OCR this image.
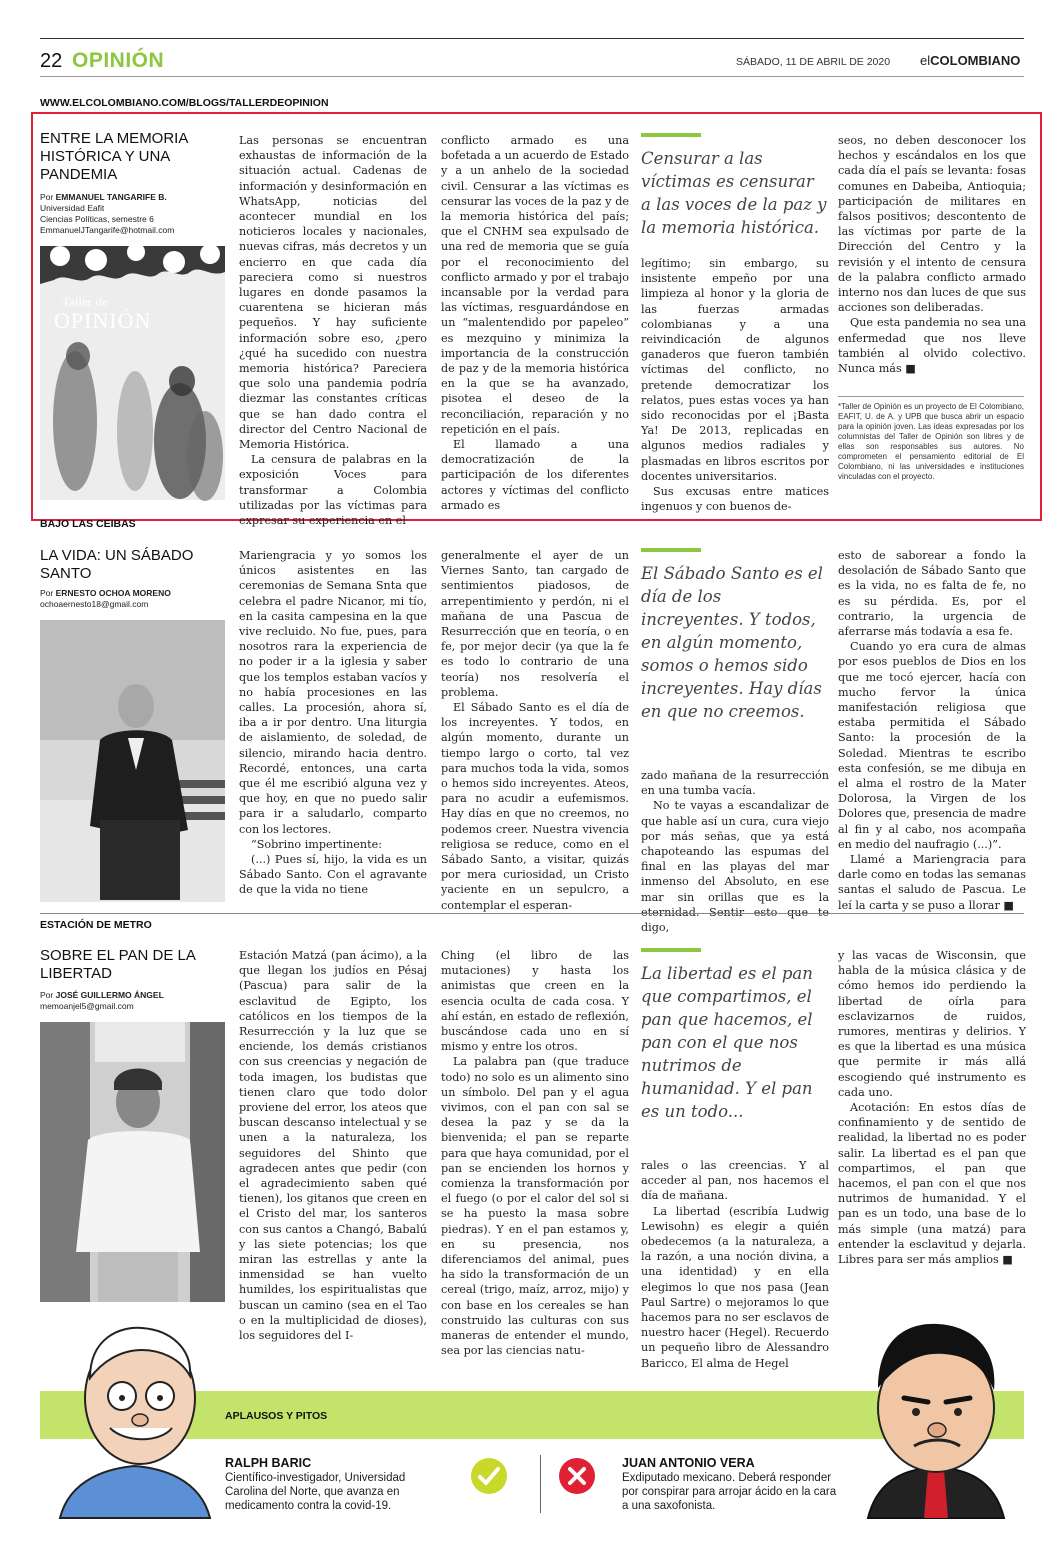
22 OPINIÓN	SÁBADO, 11 DE ABRIL DE 2020 elCOLOMBIANO
WWW.ELCOLOMBIANO.COM/BLOGS/TALLERDEOPINION
ENTRE LA MEMORIA HISTÓRICA Y UNA PANDEMIA
Por EMMANUEL TANGARIFE B.
Universidad Eafit
Ciencias Políticas, semestre 6
EmmanuelJTangarife@hotmail.com
Taller de
OPINIÓN

Las personas se encuentran exhaustas de información de la situación actual. Cadenas de información y desinformación en WhatsApp, noticias del acontecer mundial en los noticieros locales y nacionales, nuevas cifras, más decretos y un encierro en que cada día pareciera como si nuestros lugares en donde pasamos la cuarentena se hicieran más pequeños. Y hay suficiente información sobre eso, ¿pero ¿qué ha sucedido con nuestra memoria histórica? Pareciera que solo una pandemia podría diezmar las constantes críticas que se han dado contra el director del Centro Nacional de Memoria Histórica.

La censura de palabras en la exposición Voces para transformar a Colombia utilizadas por las víctimas para expresar su experiencia en el

conflicto armado es una bofetada a un acuerdo de Estado y a un anhelo de la sociedad civil. Censurar a las víctimas es censurar las voces de la paz y de la memoria histórica del país; que el CNHM sea expulsado de una red de memoria que se guía por el reconocimiento del conflicto armado y por el trabajo incansable por la verdad para las víctimas, resguardándose en un “malentendido por papeleo” es mezquino y minimiza la importancia de la construcción de paz y de la memoria histórica en la que se ha avanzado, pisotea el deseo de la reconciliación, reparación y no repetición en el país.

El llamado a una democratización de la participación de los diferentes actores y víctimas del conflicto armado es

Censurar a las víctimas es censurar a las voces de la paz y la memoria histórica.

legítimo; sin embargo, su insistente empeño por una limpieza al honor y la gloria de las fuerzas armadas colombianas y a una reivindicación de algunos ganaderos que fueron también víctimas del conflicto, no pretende democratizar los relatos, pues estas voces ya han sido reconocidas por el ¡Basta Ya! De 2013, replicadas en algunos medios radiales y plasmadas en libros escritos por docentes universitarios.

Sus excusas entre matices ingenuos y con buenos de-

seos, no deben desconocer los hechos y escándalos en los que cada día el país se levanta: fosas comunes en Dabeiba, Antioquia; participación de militares en falsos positivos; descontento de las víctimas por parte de la Dirección del Centro y la revisión y el intento de censura de la palabra conflicto armado interno nos dan luces de que sus acciones son deliberadas.

Que esta pandemia no sea una enfermedad que nos lleve también al olvido colectivo. Nunca más ■

*Taller de Opinión es un proyecto de El Colombiano, EAFIT, U. de A. y UPB que busca abrir un espacio para la opinión joven. Las ideas expresadas por los columnistas del Taller de Opinión son libres y de ellas son responsables sus autores. No comprometen el pensamiento editorial de El Colombiano, ni las universidades e instituciones vinculadas con el proyecto.
BAJO LAS CEIBAS
LA VIDA: UN SÁBADO SANTO
Por ERNESTO OCHOA MORENO
ochoaernesto18@gmail.com

Mariengracia y yo somos los únicos asistentes en las ceremonias de Semana Snta que celebra el padre Nicanor, mi tío, en la casita campesina en la que vive recluido. No fue, pues, para nosotros rara la experiencia de no poder ir a la iglesia y saber que los templos estaban vacíos y no había procesiones en las calles. La procesión, ahora sí, iba a ir por dentro. Una liturgia de aislamiento, de soledad, de silencio, mirando hacia dentro. Recordé, entonces, una carta que él me escribió alguna vez y que hoy, en que no puedo salir para ir a saludarlo, comparto con los lectores.

“Sobrino impertinente:

(...) Pues sí, hijo, la vida es un Sábado Santo. Con el agravante de que la vida no tiene

generalmente el ayer de un Viernes Santo, tan cargado de sentimientos piadosos, de arrepentimiento y perdón, ni el mañana de una Pascua de Resurrección que en teoría, o en fe, por mejor decir (ya que la fe es todo lo contrario de una teoría) nos resolvería el problema.

El Sábado Santo es el día de los increyentes. Y todos, en algún momento, durante un tiempo largo o corto, tal vez para muchos toda la vida, somos o hemos sido increyentes. Ateos, para no acudir a eufemismos. Hay días en que no creemos, no podemos creer. Nuestra vivencia religiosa se reduce, como en el Sábado Santo, a visitar, quizás por mera curiosidad, un Cristo yaciente en un sepulcro, a contemplar el esperan-

El Sábado Santo es el día de los increyentes. Y todos, en algún momento, somos o hemos sido increyentes. Hay días en que no creemos.

zado mañana de la resurrección en una tumba vacía.

No te vayas a escandalizar de que hable así un cura, cura viejo por más señas, que ya está chapoteando las espumas del final en las playas del mar inmenso del Absoluto, en ese mar sin orillas que es la digo,

esto de saborear a fondo la desolación de Sábado Santo que es la vida, no es falta de fe, no es su pérdida. Es, por el contrario, la urgencia de aferrarse más todavía a esa fe.

Cuando yo era cura de almas por esos pueblos de Dios en los que me tocó ejercer, hacía con mucho fervor la única manifestación religiosa que estaba permitida el Sábado Santo: la procesión de la Soledad. Mientras te escribo esta confesión, se me dibuja en el alma el rostro de la Mater Dolorosa, la Virgen de los Dolores que, presencia de madre al fin y al cabo, nos acompaña en medio del naufragio (...)”.

Llamé a Mariengracia para darle como en todas las semanas santas el saludo de Pascua. Le leí la carta y se puso a llorar ■

ESTACIÓN DE METRO
SOBRE EL PAN DE LA LIBERTAD
Por JOSÉ GUILLERMO ÁNGEL
memoanjel5@gmail.com

Estación Matzá (pan ácimo), a la que llegan los judíos en Pésaj (Pascua) para salir de la esclavitud de Egipto, los católicos en los tiempos de la Resurrección y la luz que se enciende, los demás cristianos con sus creencias y negación de toda imagen, los budistas que tienen claro que todo dolor proviene del error, los ateos que buscan descanso intelectual y se unen a la naturaleza, los seguidores del Shinto que agradecen antes que pedir (con el agradecimiento saben qué tienen), los gitanos que creen en el Cristo del mar, los santeros con sus cantos a Changó, Babalú y las siete potencias; los que miran las estrellas y ante la inmensidad se han vuelto humildes, los espiritualistas que buscan un camino (sea en el Tao o en la multiplicidad de dioses), los seguidores del I-

Ching (el libro de las mutaciones) y hasta los animistas que creen en la esencia oculta de cada cosa. Y ahí están, en estado de reflexión, buscándose cada uno en sí mismo y entre los otros.

La palabra pan (que traduce todo) no solo es un alimento sino un símbolo. Del pan y el agua vivimos, con el pan con sal se desea la paz y se da la bienvenida; el pan se reparte para que haya comunidad, por el pan se encienden los hornos y comienza la transformación por el fuego (o por el calor del sol si se ha puesto la masa sobre piedras). Y en el pan estamos y, en su presencia, nos diferenciamos del animal, pues ha sido la transformación de un cereal (trigo, maíz, arroz, mijo) y con base en los cereales se han construido las culturas con sus maneras de entender el mundo, sea por las ciencias natu-

La libertad es el pan que compartimos, el pan que hacemos, el pan con el que nos nutrimos de humanidad. Y el pan es un todo...

rales o las creencias. Y al acceder al pan, nos hacemos el día de mañana.

La libertad (escribía Ludwig Lewisohn) es elegir a quién obedecemos (a la naturaleza, a la razón, a una noción divina, a una identidad) y en ella elegimos lo que nos pasa (Jean Paul Sartre) o mejoramos lo que hacemos para no ser esclavos de nuestro hacer (Hegel). Recuerdo un pequeño libro de Alessandro Baricco, El alma de Hegel

y las vacas de Wisconsin, que habla de la música clásica y de cómo hemos ido perdiendo la libertad de oírla para esclavizarnos de ruidos, rumores, mentiras y delirios. Y es que la libertad es una música que permite ir más allá escogiendo qué instrumento es cada uno.

Acotación: En estos días de confinamiento y de sentido de realidad, la libertad no es poder salir. La libertad es el pan que compartimos, el pan que hacemos, el pan con el que nos nutrimos de humanidad. Y el pan es un todo, una base de lo más simple (una matzá) para entender la esclavitud y dejarla. Libres para ser más amplios ■

APLAUSOS Y PITOS
RALPH BARIC
Científico-investigador, Universidad Carolina del Norte, que avanza en medicamento contra la covid-19.
JUAN ANTONIO VERA
Exdiputado mexicano. Deberá responder por conspirar para arrojar ácido en la cara a una saxofonista.
